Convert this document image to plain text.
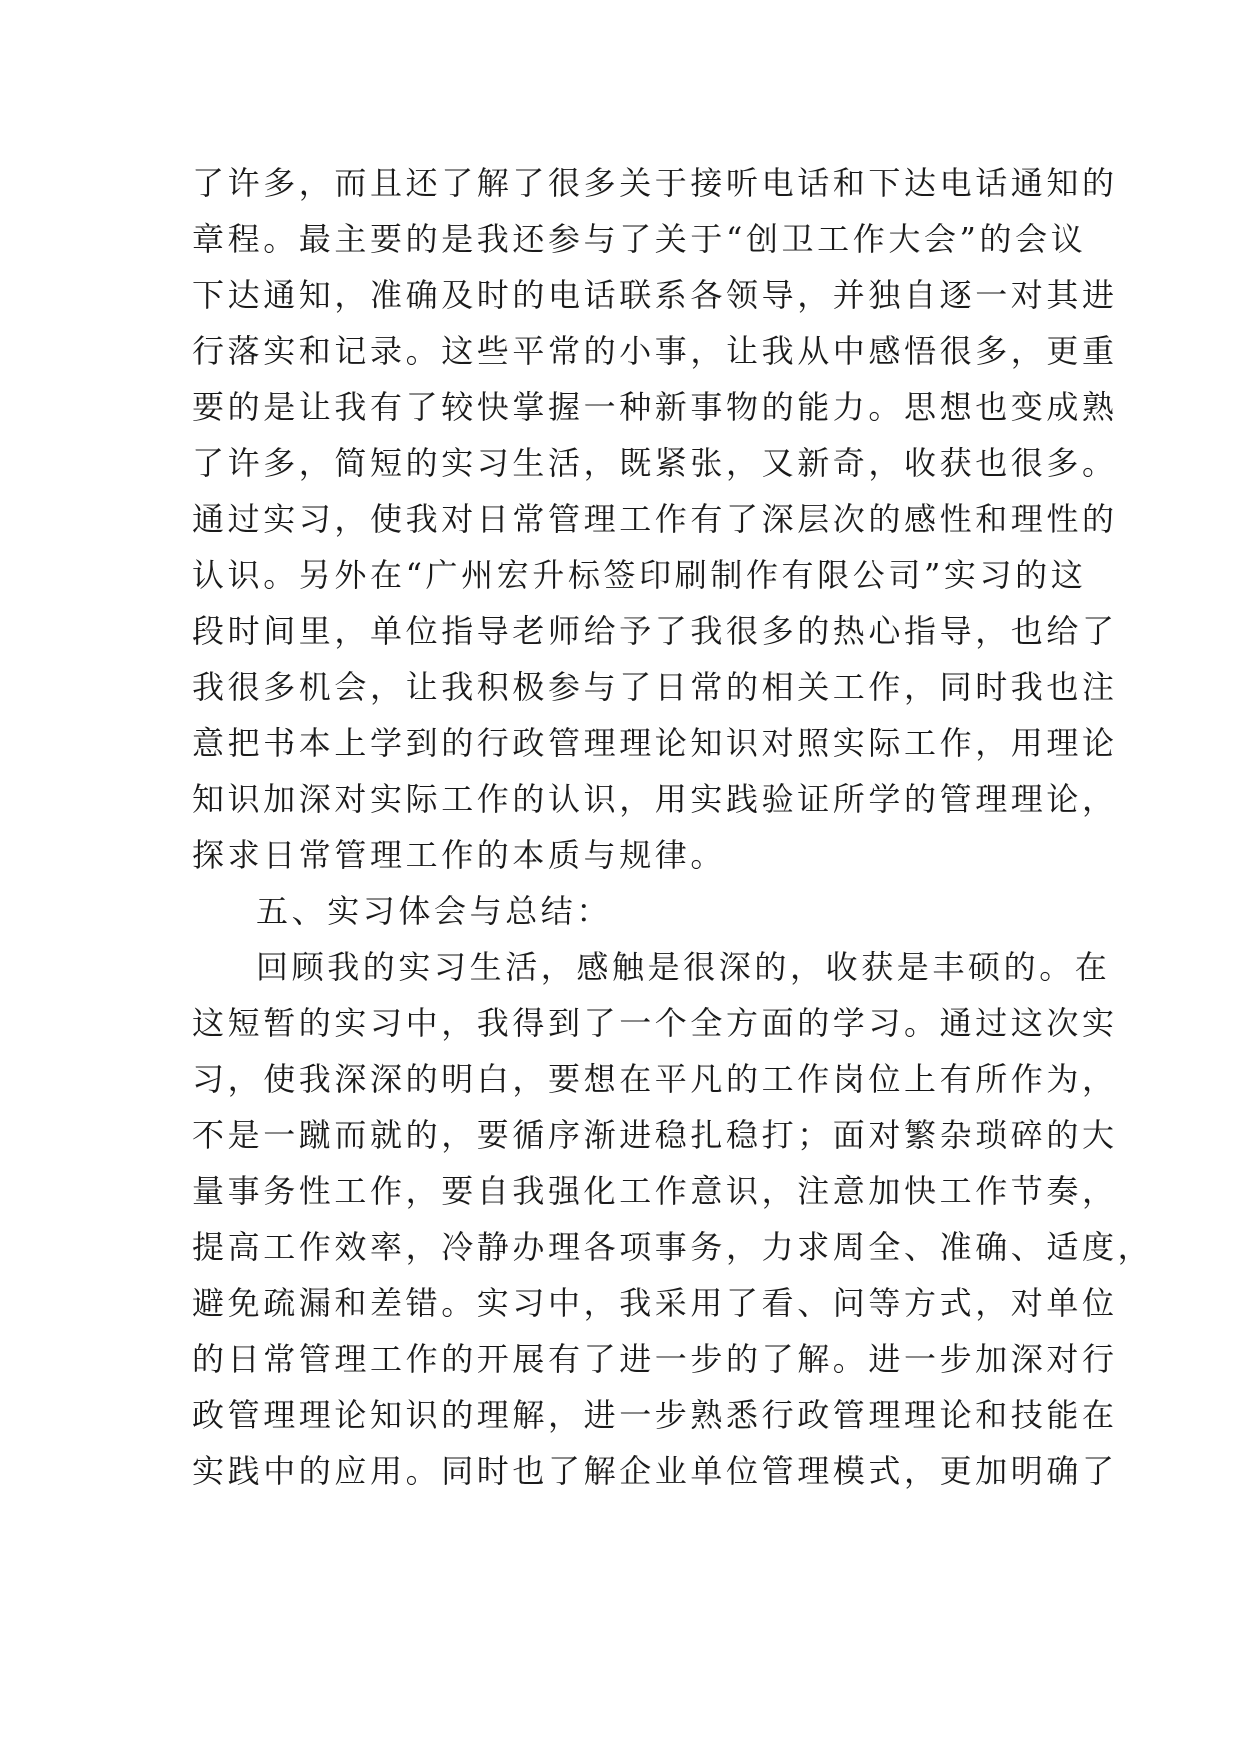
了许多，而且还了解了很多关于接听电话和下达电话通知的
章程。最主要的是我还参与了关于“创卫工作大会”的会议
下达通知，准确及时的电话联系各领导，并独自逐一对其进
行落实和记录。这些平常的小事，让我从中感悟很多，更重
要的是让我有了较快掌握一种新事物的能力。思想也变成熟
了许多，简短的实习生活，既紧张，又新奇，收获也很多。
通过实习，使我对日常管理工作有了深层次的感性和理性的
认识。另外在“广州宏升标签印刷制作有限公司”实习的这
段时间里，单位指导老师给予了我很多的热心指导，也给了
我很多机会，让我积极参与了日常的相关工作，同时我也注
意把书本上学到的行政管理理论知识对照实际工作，用理论
知识加深对实际工作的认识，用实践验证所学的管理理论，
探求日常管理工作的本质与规律。
五、实习体会与总结：
回顾我的实习生活，感触是很深的，收获是丰硕的。在
这短暂的实习中，我得到了一个全方面的学习。通过这次实
习，使我深深的明白，要想在平凡的工作岗位上有所作为，
不是一蹴而就的，要循序渐进稳扎稳打；面对繁杂琐碎的大
量事务性工作，要自我强化工作意识，注意加快工作节奏，
提高工作效率，冷静办理各项事务，力求周全、准确、适度，
避免疏漏和差错。实习中，我采用了看、问等方式，对单位
的日常管理工作的开展有了进一步的了解。进一步加深对行
政管理理论知识的理解，进一步熟悉行政管理理论和技能在
实践中的应用。同时也了解企业单位管理模式，更加明确了
